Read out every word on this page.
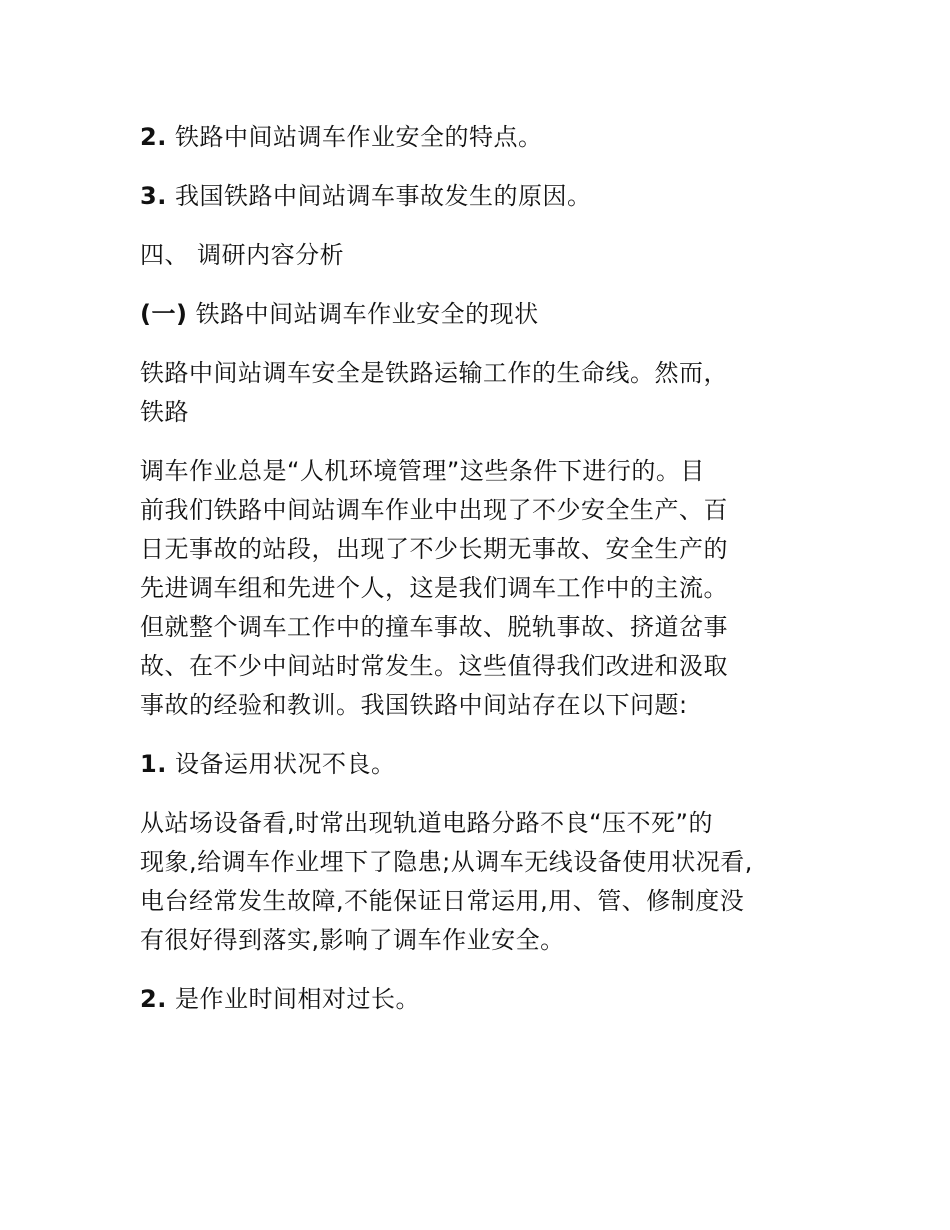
2. 铁路中间站调车作业安全的特点。

3. 我国铁路中间站调车事故发生的原因。

四、 调研内容分析

(一) 铁路中间站调车作业安全的现状

铁路中间站调车安全是铁路运输工作的生命线。然而，
铁路
调车作业总是“人机环境管理”这些条件下进行的。目
前我们铁路中间站调车作业中出现了不少安全生产、百
日无事故的站段，出现了不少长期无事故、安全生产的
先进调车组和先进个人，这是我们调车工作中的主流。
但就整个调车工作中的撞车事故、脱轨事故、挤道岔事
故、在不少中间站时常发生。这些值得我们改进和汲取
事故的经验和教训。我国铁路中间站存在以下问题:

1. 设备运用状况不良。

从站场设备看,时常出现轨道电路分路不良“压不死”的
现象,给调车作业埋下了隐患;从调车无线设备使用状况看,
电台经常发生故障,不能保证日常运用,用、管、修制度没
有很好得到落实,影响了调车作业安全。

2. 是作业时间相对过长。
